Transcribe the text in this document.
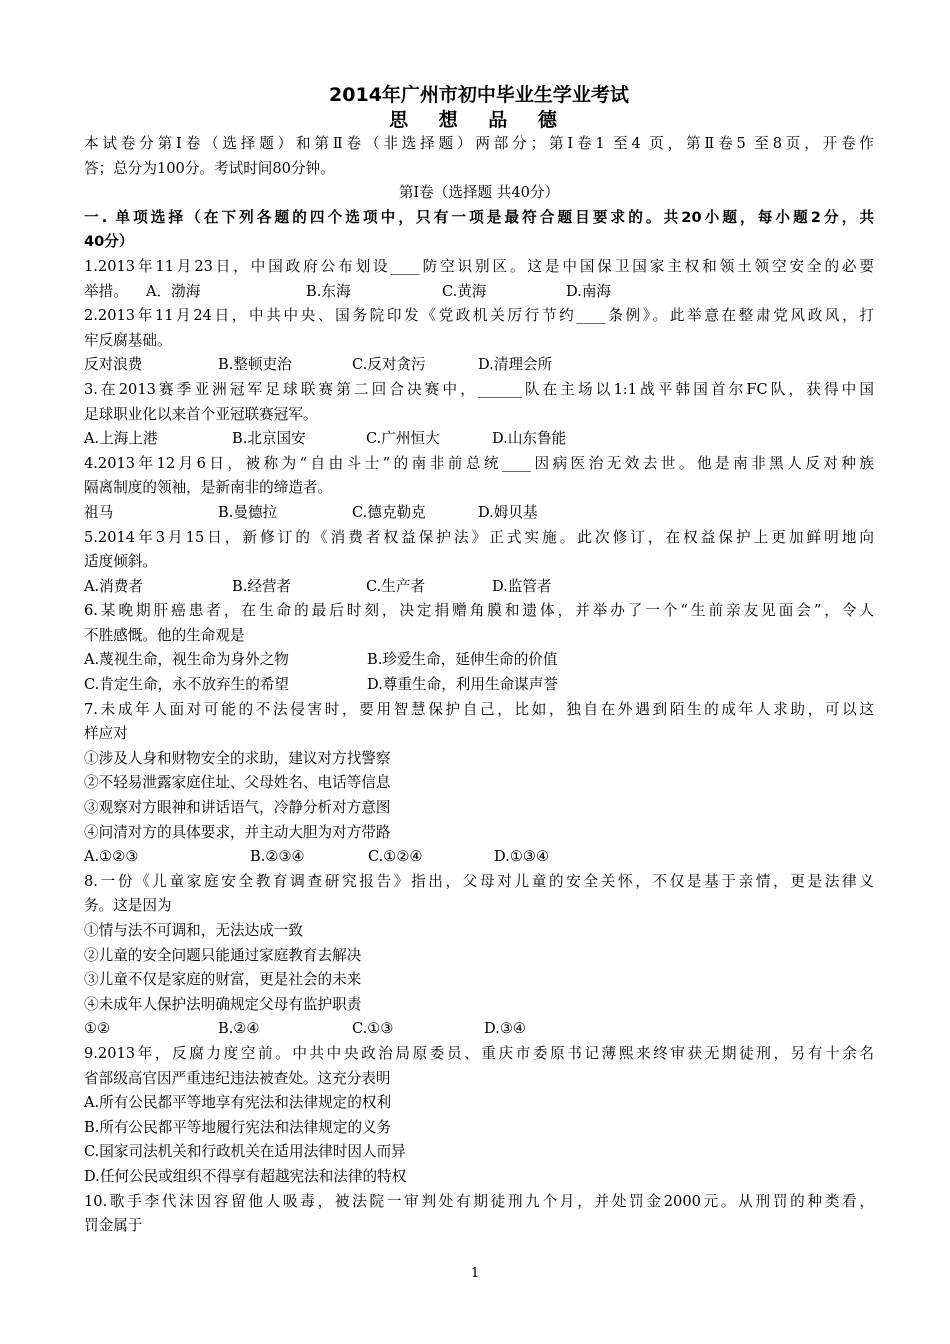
2014年广州市初中毕业生学业考试

思 想 品 德

本试卷分第Ⅰ卷（选择题）和第Ⅱ卷（非选择题）两部分；第Ⅰ卷1 至4 页，第Ⅱ卷5 至8页，开卷作

答；总分为100分。考试时间80分钟。

第Ⅰ卷（选择题 共40分）

一. 单项选择（在下列各题的四个选项中，只有一项是最符合题目要求的。共20小题，每小题2分，共

40分）

1.2013年11月23日，中国政府公布划设____防空识别区。这是中国保卫国家主权和领土领空安全的必要

举措。	A．渤海	B.东海	C.黄海	D.南海

2.2013年11月24日，中共中央、国务院印发《党政机关厉行节约____条例》。此举意在整肃党风政风，打

牢反腐基础。

反对浪费	B.整顿吏治	C.反对贪污	D.清理会所

3.在2013赛季亚洲冠军足球联赛第二回合决赛中，______队在主场以1:1战平韩国首尔FC队，获得中国

足球职业化以来首个亚冠联赛冠军。

A.上海上港	B.北京国安	C.广州恒大	D.山东鲁能

4.2013年12月6日，被称为“自由斗士”的南非前总统____因病医治无效去世。他是南非黑人反对种族

隔离制度的领袖，是新南非的缔造者。

祖马	B.曼德拉	C.德克勒克	D.姆贝基

5.2014年3月15日，新修订的《消费者权益保护法》正式实施。此次修订，在权益保护上更加鲜明地向

适度倾斜。

A.消费者	B.经营者	C.生产者	D.监管者

6.某晚期肝癌患者，在生命的最后时刻，决定捐赠角膜和遗体，并举办了一个“生前亲友见面会”，令人

不胜感慨。他的生命观是

A.蔑视生命，视生命为身外之物	B.珍爱生命，延伸生命的价值
C.肯定生命，永不放弃生的希望	D.尊重生命，利用生命谋声誉

7.未成年人面对可能的不法侵害时，要用智慧保护自己，比如，独自在外遇到陌生的成年人求助，可以这

样应对

①涉及人身和财物安全的求助，建议对方找警察

②不轻易泄露家庭住址、父母姓名、电话等信息

③观察对方眼神和讲话语气，冷静分析对方意图

④问清对方的具体要求，并主动大胆为对方带路

A.①②③	B.②③④	C.①②④	D.①③④

8.一份《儿童家庭安全教育调查研究报告》指出，父母对儿童的安全关怀，不仅是基于亲情，更是法律义

务。这是因为

①情与法不可调和，无法达成一致

②儿童的安全问题只能通过家庭教育去解决

③儿童不仅是家庭的财富，更是社会的未来

④未成年人保护法明确规定父母有监护职责

①②	B.②④	C.①③	D.③④

9.2013年，反腐力度空前。中共中央政治局原委员、重庆市委原书记薄熙来终审获无期徒刑，另有十余名

省部级高官因严重违纪违法被查处。这充分表明

A.所有公民都平等地享有宪法和法律规定的权利

B.所有公民都平等地履行宪法和法律规定的义务

C.国家司法机关和行政机关在适用法律时因人而异

D.任何公民或组织不得享有超越宪法和法律的特权

10.歌手李代沫因容留他人吸毒，被法院一审判处有期徒刑九个月，并处罚金2000元。从刑罚的种类看，

罚金属于

1
